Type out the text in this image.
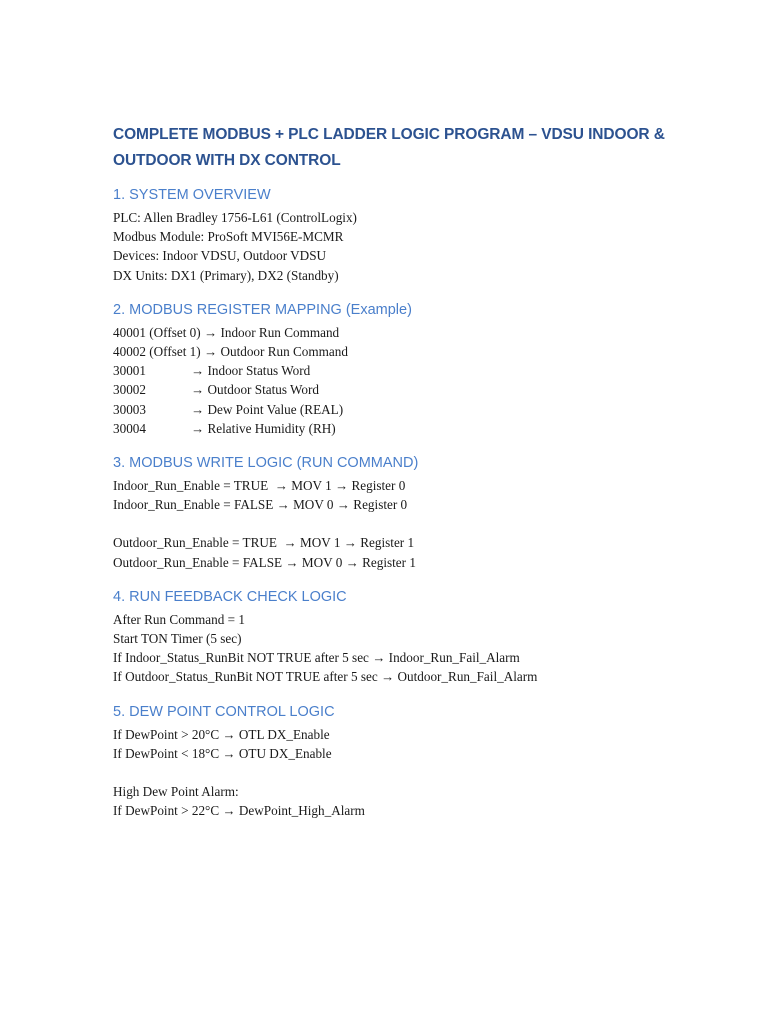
COMPLETE MODBUS + PLC LADDER LOGIC PROGRAM – VDSU INDOOR &
OUTDOOR WITH DX CONTROL
1. SYSTEM OVERVIEW
PLC: Allen Bradley 1756-L61 (ControlLogix)
Modbus Module: ProSoft MVI56E-MCMR
Devices: Indoor VDSU, Outdoor VDSU
DX Units: DX1 (Primary), DX2 (Standby)
2. MODBUS REGISTER MAPPING (Example)
40001 (Offset 0) → Indoor Run Command
40002 (Offset 1) → Outdoor Run Command
30001	→ Indoor Status Word
30002	→ Outdoor Status Word
30003	→ Dew Point Value (REAL)
30004	→ Relative Humidity (RH)
3. MODBUS WRITE LOGIC (RUN COMMAND)
Indoor_Run_Enable = TRUE  → MOV 1 → Register 0
Indoor_Run_Enable = FALSE → MOV 0 → Register 0
Outdoor_Run_Enable = TRUE  → MOV 1 → Register 1
Outdoor_Run_Enable = FALSE → MOV 0 → Register 1
4. RUN FEEDBACK CHECK LOGIC
After Run Command = 1
Start TON Timer (5 sec)
If Indoor_Status_RunBit NOT TRUE after 5 sec → Indoor_Run_Fail_Alarm
If Outdoor_Status_RunBit NOT TRUE after 5 sec → Outdoor_Run_Fail_Alarm
5. DEW POINT CONTROL LOGIC
If DewPoint > 20°C → OTL DX_Enable
If DewPoint < 18°C → OTU DX_Enable
High Dew Point Alarm:
If DewPoint > 22°C → DewPoint_High_Alarm
